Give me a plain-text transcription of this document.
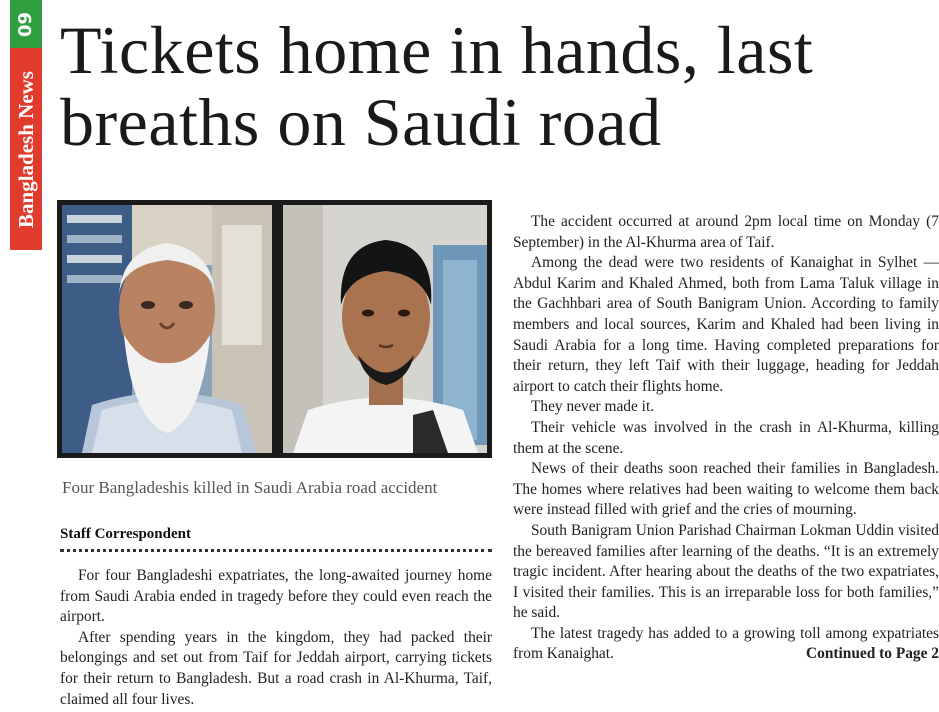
09
Bangladesh News
Tickets home in hands, last breaths on Saudi road

Four Bangladeshis killed in Saudi Arabia road accident

Staff Correspondent

For four Bangladeshi expatriates, the long-awaited journey home from Saudi Arabia ended in tragedy before they could even reach the airport.

After spending years in the kingdom, they had packed their belongings and set out from Taif for Jeddah airport, carrying tickets for their return to Bangladesh. But a road crash in Al-Khurma, Taif, claimed all four lives.

The accident occurred at around 2pm local time on Monday (7 September) in the Al-Khurma area of Taif.

Among the dead were two residents of Kanaighat in Sylhet — Abdul Karim and Khaled Ahmed, both from Lama Taluk village in the Gachhbari area of South Banigram Union. According to family members and local sources, Karim and Khaled had been living in Saudi Arabia for a long time. Having completed preparations for their return, they left Taif with their luggage, heading for Jeddah airport to catch their flights home.

They never made it.

Their vehicle was involved in the crash in Al-Khurma, killing them at the scene.

News of their deaths soon reached their families in Bangladesh. The homes where relatives had been waiting to welcome them back were instead filled with grief and the cries of mourning.

South Banigram Union Parishad Chairman Lokman Uddin visited the bereaved families after learning of the deaths. “It is an extremely tragic incident. After hearing about the deaths of the two expatriates, I visited their families. This is an irreparable loss for both families,” he said.

The latest tragedy has added to a growing toll among expatriates from Kanaighat.	Continued to Page 2
